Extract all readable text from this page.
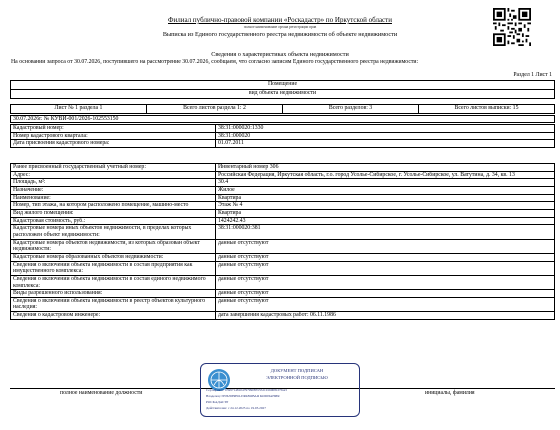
Филиал публично-правовой компании «Роскадастр» по Иркутской области
полное наименование органа регистрации прав
Выписка из Единого государственного реестра недвижимости об объекте недвижимости
Сведения о характеристиках объекта недвижимости
На основании запроса от 30.07.2026, поступившего на рассмотрение 30.07.2026, сообщаем, что согласно записям Единого государственного реестра недвижимости:
Раздел 1 Лист 1
Помещение
вид объекта недвижимости
Лист № 1 раздела 1	Всего листов раздела 1: 2	Всего разделов: 3	Всего листов выписки: 15
30.07.2026г. № КУВИ-001/2026-102553150
Кадастровый номер:	38:31:000020:1330
Номер кадастрового квартала:	38:31:000020
Дата присвоения кадастрового номера:	01.07.2011
Ранее присвоенный государственный учетный номер:	Инвентарный номер 306
Адрес:	Российская Федерация, Иркутская область, г.о. город Усолье-Сибирское, г. Усолье-Сибирское, ул. Ватутина, д. 34, кв. 13
Площадь, м²:	30.4
Назначение:	Жилое
Наименование:	Квартира
Номер, тип этажа, на котором расположено помещение, машино-место	Этаж № 4
Вид жилого помещения:	Квартира
Кадастровая стоимость, руб.:	1424242.43
Кадастровые номера иных объектов недвижимости, в пределах которых расположен объект недвижимости:	38:31:000020:381
Кадастровые номера объектов недвижимости, из которых образован объект недвижимости:	данные отсутствуют
Кадастровые номера образованных объектов недвижимости:	данные отсутствуют
Сведения о включении объекта недвижимости в состав предприятия как имущественного комплекса:	данные отсутствуют
Сведения о включении объекта недвижимости в состав единого недвижимого комплекса:	данные отсутствуют
Виды разрешенного использования:	данные отсутствуют
Сведения о включении объекта недвижимости в реестр объектов культурного наследия:	данные отсутствуют
Сведения о кадастровом инженере:	дата завершения кадастровых работ: 06.11.1986
полное наименование должности	инициалы, фамилия
ДОКУМЕНТ ПОДПИСАН
ЭЛЕКТРОННОЙ ПОДПИСЬЮ
Сертификат: 0399714810479799085555219160081076A3
Владелец: ПУБЛИЧНО-ПРАВОВАЯ КОМПАНИЯ
РОСКАДАСТР
Действителен: с 24.12.2025 по 19.03.2027
